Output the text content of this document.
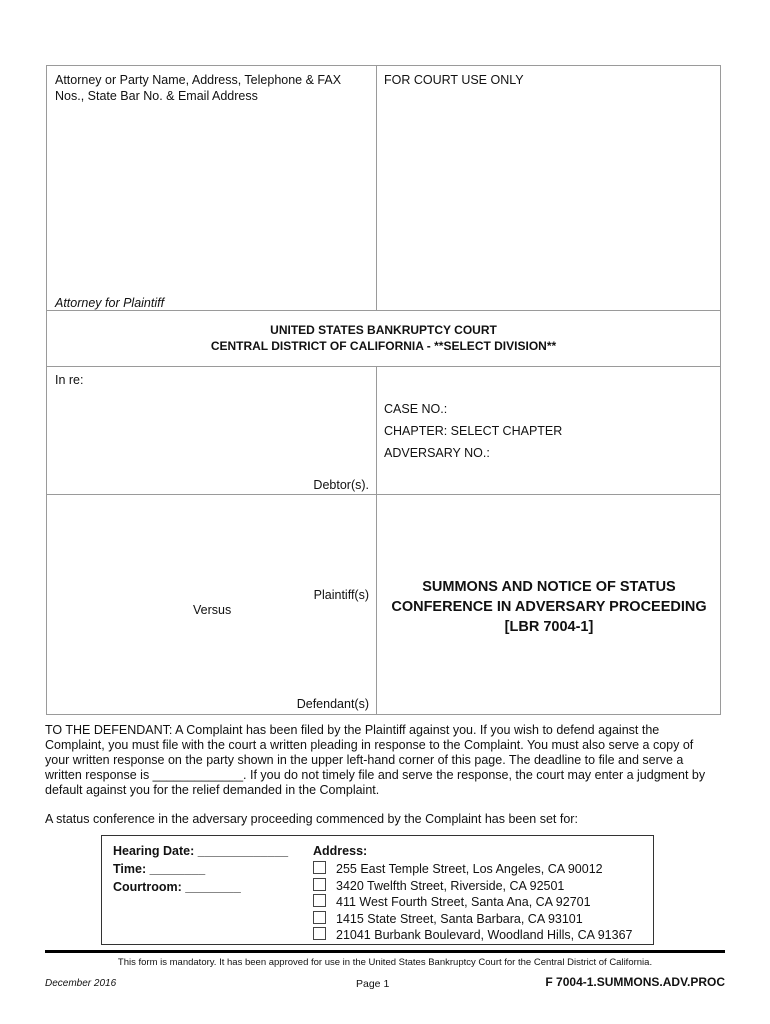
Attorney or Party Name, Address, Telephone & FAX
Nos., State Bar No. & Email Address
FOR COURT USE ONLY
Attorney for Plaintiff
UNITED STATES BANKRUPTCY COURT
CENTRAL DISTRICT OF CALIFORNIA - **SELECT DIVISION**
In re:
CASE NO.:
CHAPTER: SELECT CHAPTER
ADVERSARY NO.:
Debtor(s).
Plaintiff(s)
Versus
Defendant(s)
SUMMONS AND NOTICE OF STATUS
CONFERENCE IN ADVERSARY PROCEEDING
[LBR 7004-1]
TO THE DEFENDANT: A Complaint has been filed by the Plaintiff against you. If you wish to defend against the
Complaint, you must file with the court a written pleading in response to the Complaint. You must also serve a copy of
your written response on the party shown in the upper left-hand corner of this page. The deadline to file and serve a
written response is _____________. If you do not timely file and serve the response, the court may enter a judgment by
default against you for the relief demanded in the Complaint.
A status conference in the adversary proceeding commenced by the Complaint has been set for:
Hearing Date: _____________
Time: ________
Courtroom: ________
Address:
255 East Temple Street, Los Angeles, CA 90012
3420 Twelfth Street, Riverside, CA 92501
411 West Fourth Street, Santa Ana, CA 92701
1415 State Street, Santa Barbara, CA 93101
21041 Burbank Boulevard, Woodland Hills, CA 91367
This form is mandatory. It has been approved for use in the United States Bankruptcy Court for the Central District of California.
December 2016	Page 1	F 7004-1.SUMMONS.ADV.PROC
